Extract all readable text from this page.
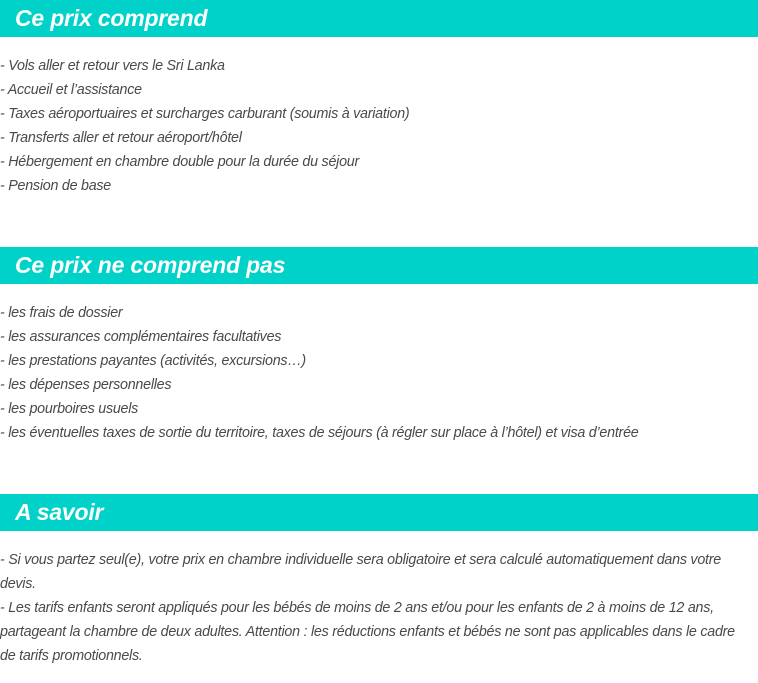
Ce prix comprend
- Vols aller et retour vers le Sri Lanka
- Accueil et l’assistance
- Taxes aéroportuaires et surcharges carburant (soumis à variation)
- Transferts aller et retour aéroport/hôtel
- Hébergement en chambre double pour la durée du séjour
- Pension de base
Ce prix ne comprend pas
- les frais de dossier
- les assurances complémentaires facultatives
- les prestations payantes (activités, excursions…)
- les dépenses personnelles
- les pourboires usuels
- les éventuelles taxes de sortie du territoire, taxes de séjours (à régler sur place à l’hôtel) et visa d’entrée
A savoir
- Si vous partez seul(e), votre prix en chambre individuelle sera obligatoire et sera calculé automatiquement dans votre devis.
- Les tarifs enfants seront appliqués pour les bébés de moins de 2 ans et/ou pour les enfants de 2 à moins de 12 ans, partageant la chambre de deux adultes. Attention : les réductions enfants et bébés ne sont pas applicables dans le cadre de tarifs promotionnels.
